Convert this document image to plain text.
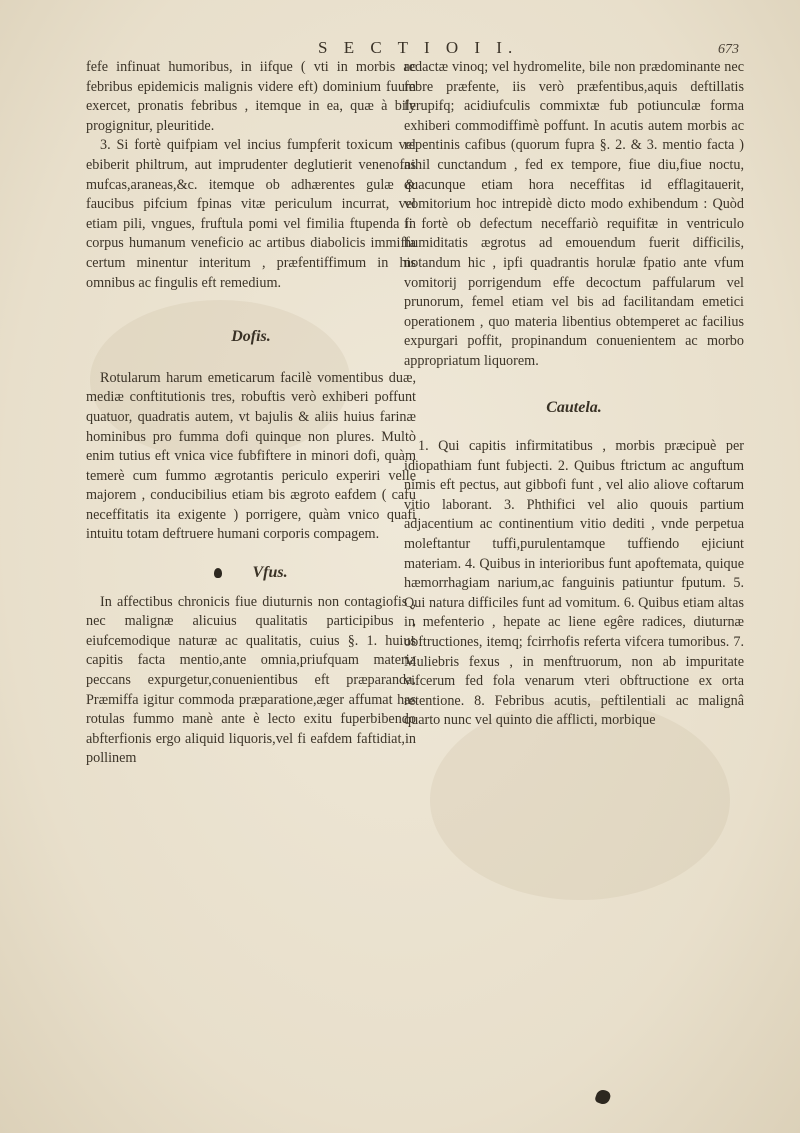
S E C T I O I I.	673

fefe infinuat humoribus, in iifque ( vti in morbis ac febribus epidemicis malignis videre eft) dominium fuum exercet, pronatis febribus , itemque in ea, quæ à bile progignitur, pleuritide.

3. Si fortè quifpiam vel incius fumpferit toxicum vel ebiberit philtrum, aut imprudenter deglutierit venenofas mufcas,araneas,&c. itemque ob adhærentes gulæ & faucibus pifcium fpinas vitæ periculum incurrat, vel etiam pili, vngues, fruftula pomi vel fimilia ftupenda in corpus humanum veneficio ac artibus diabolicis immiffa certum minentur interitum , præfentiffimum in his omnibus ac fingulis eft remedium.

Dofis.

Rotularum harum emeticarum facilè vomentibus duæ, mediæ conftitutionis tres, robuftis verò exhiberi poffunt quatuor, quadratis autem, vt bajulis & aliis huius farinæ hominibus pro fumma dofi quinque non plures. Multò enim tutius eft vnica vice fubfiftere in minori dofi, quàm temerè cum fummo ægrotantis periculo experiri velle majorem , conducibilius etiam bis ægroto eafdem ( cafu neceffitatis ita exigente ) porrigere, quàm vnico quafi intuitu totam deftruere humani corporis compagem.

Vfus.

In affectibus chronicis fiue diuturnis non contagiofis , nec malignæ alicuius qualitatis participibus , eiufcemodique naturæ ac qualitatis, cuius §. 1. huius capitis facta mentio,ante omnia,priufquam materia peccans expurgetur,conuenientibus eft præparanda. Præmiffa igitur commoda præparatione,æger affumat has rotulas fummo manè ante è lecto exitu fuperbibendo abfterfionis ergo aliquid liquoris,vel fi eafdem faftidiat,in pollinem

redactæ vinoq; vel hydromelite, bile non prædominante nec febre præfente, iis verò præfentibus,aquis deftillatis fyrupifq; acidiufculis commixtæ fub potiunculæ forma exhiberi commodiffimè poffunt. In acutis autem morbis ac repentinis cafibus (quorum fupra §. 2. & 3. mentio facta ) nihil cunctandum , fed ex tempore, fiue diu,fiue noctu, quacunque etiam hora neceffitas id efflagitauerit, vomitorium hoc intrepidè dicto modo exhibendum : Quòd fi fortè ob defectum neceffariò requifitæ in ventriculo humiditatis ægrotus ad emouendum fuerit difficilis, notandum hic , ipfi quadrantis horulæ fpatio ante vfum vomitorij porrigendum effe decoctum paffularum vel prunorum, femel etiam vel bis ad facilitandam emetici operationem , quo materia libentius obtemperet ac facilius expurgari poffit, propinandum conuenientem ac morbo appropriatum liquorem.

Cautela.

1. Qui capitis infirmitatibus , morbis præcipuè per idiopathiam funt fubjecti. 2. Quibus ftrictum ac anguftum nimis eft pectus, aut gibbofi funt , vel alio aliove coftarum vitio laborant. 3. Phthifici vel alio quouis partium adjacentium ac continentium vitio dediti , vnde perpetua moleftantur tuffi,purulentamque tuffiendo ejiciunt materiam. 4. Quibus in interioribus funt apoftemata, quique hæmorrhagiam narium,ac fanguinis patiuntur fputum. 5. Qui natura difficiles funt ad vomitum. 6. Quibus etiam altas in mefenterio , hepate ac liene egêre radices, diuturnæ obftructiones, itemq; fcirrhofis referta vifcera tumoribus. 7. Muliebris fexus , in menftruorum, non ab impuritate vifcerum fed fola venarum vteri obftructione ex orta retentione. 8. Febribus acutis, peftilentiali ac malignâ quarto nunc vel quinto die afflicti, morbique
